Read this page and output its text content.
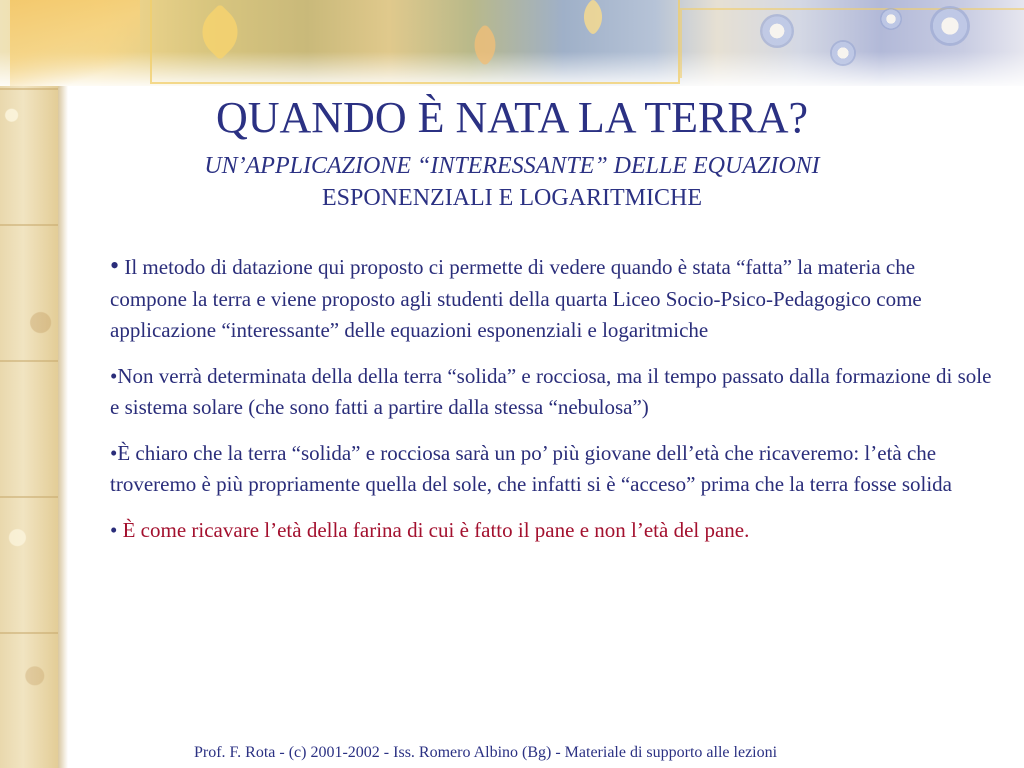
QUANDO È NATA LA TERRA?
UN’APPLICAZIONE “INTERESSANTE” DELLE EQUAZIONI
ESPONENZIALI E LOGARITMICHE

• Il metodo di datazione qui proposto ci permette di vedere quando è stata “fatta” la materia che compone la terra e viene proposto agli studenti della quarta Liceo Socio-Psico-Pedagogico come applicazione “interessante” delle equazioni esponenziali e logaritmiche

•Non verrà determinata della della terra “solida” e rocciosa, ma il tempo passato dalla formazione di sole e sistema solare (che sono fatti a partire dalla stessa “nebulosa”)

•È chiaro che la terra “solida” e rocciosa sarà un po’ più giovane dell’età che ricaveremo: l’età che troveremo è più propriamente quella del sole, che infatti si è “acceso” prima che la terra fosse solida

• È come ricavare l’età della farina di cui è fatto il pane e non l’età del pane.

Prof. F. Rota - (c) 2001-2002 - Iss. Romero Albino (Bg) - Materiale di supporto alle lezioni
